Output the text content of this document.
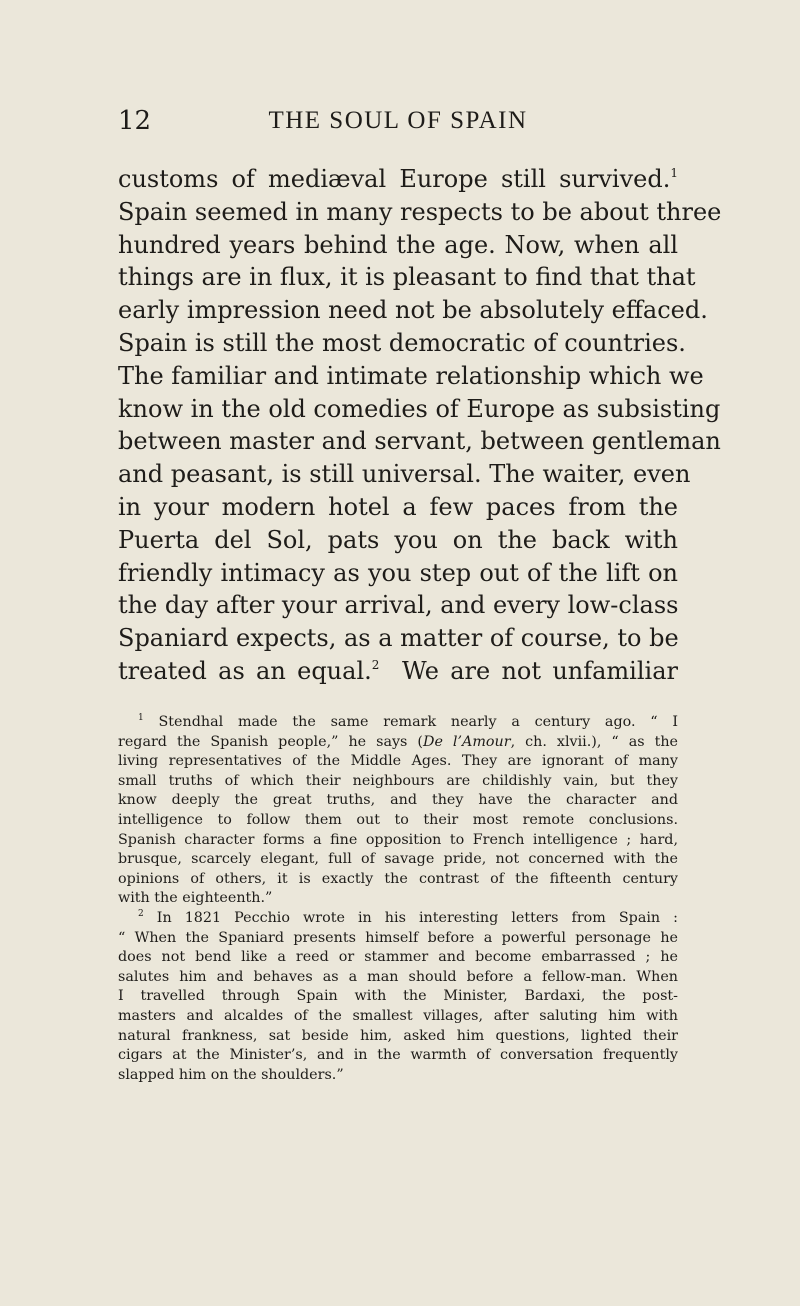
12	THE SOUL OF SPAIN
customs of mediæval Europe still survived.$^1$
Spain seemed in many respects to be about three
hundred years behind the age. Now, when all
things are in flux, it is pleasant to find that that
early impression need not be absolutely effaced.
Spain is still the most democratic of countries.
The familiar and intimate relationship which we
know in the old comedies of Europe as subsisting
between master and servant, between gentleman
and peasant, is still universal. The waiter, even
in your modern hotel a few paces from the
Puerta del Sol, pats you on the back with
friendly intimacy as you step out of the lift on
the day after your arrival, and every low-class
Spaniard expects, as a matter of course, to be
treated as an equal.$^2$ We are not unfamiliar
$^1$ Stendhal made the same remark nearly a century ago. “ I
regard the Spanish people,” he says (De l’Amour, ch. xlvii.), “ as the
living representatives of the Middle Ages. They are ignorant of many
small truths of which their neighbours are childishly vain, but they
know deeply the great truths, and they have the character and
intelligence to follow them out to their most remote conclusions.
Spanish character forms a fine opposition to French intelligence ; hard,
brusque, scarcely elegant, full of savage pride, not concerned with the
opinions of others, it is exactly the contrast of the fifteenth century
with the eighteenth.”
$^2$ In 1821 Pecchio wrote in his interesting letters from Spain :
“ When the Spaniard presents himself before a powerful personage he
does not bend like a reed or stammer and become embarrassed ; he
salutes him and behaves as a man should before a fellow-man. When
I travelled through Spain with the Minister, Bardaxi, the post-
masters and alcaldes of the smallest villages, after saluting him with
natural frankness, sat beside him, asked him questions, lighted their
cigars at the Minister’s, and in the warmth of conversation frequently
slapped him on the shoulders.”
